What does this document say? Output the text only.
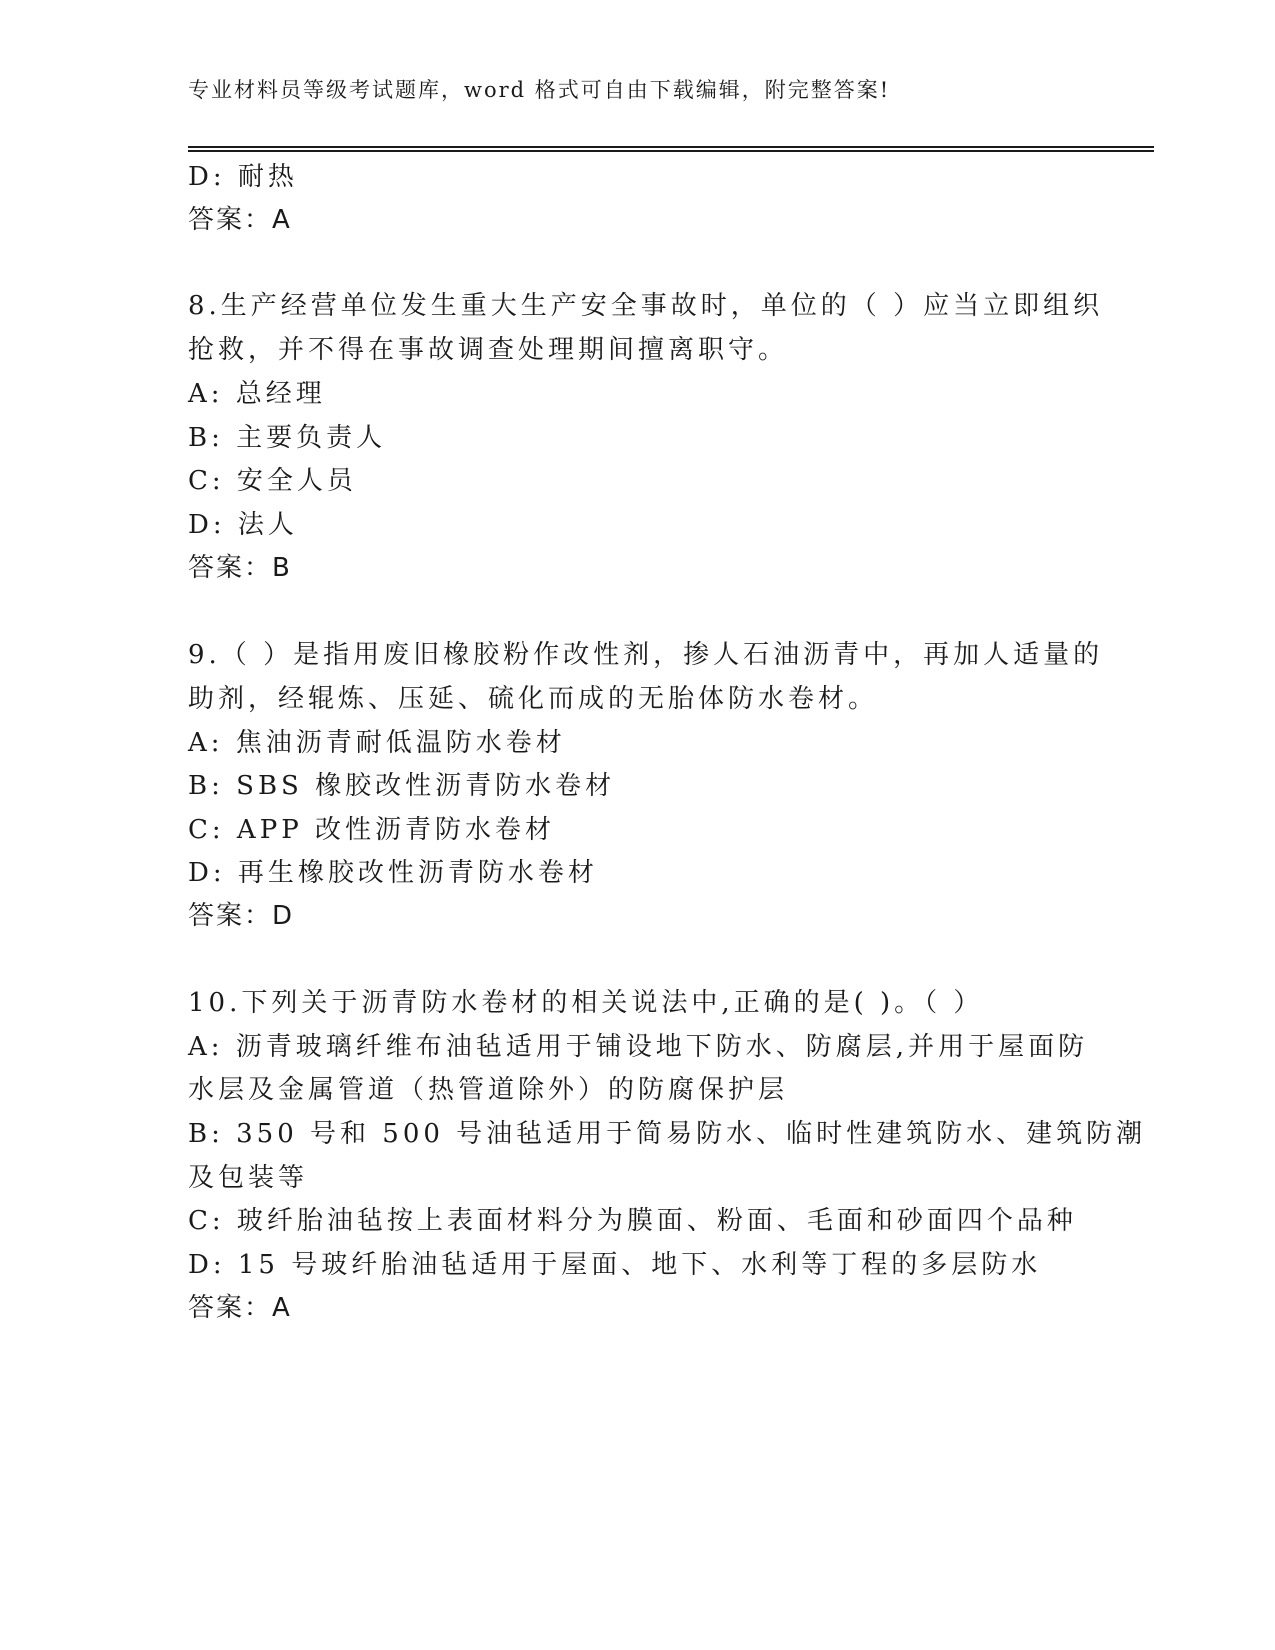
专业材料员等级考试题库，word 格式可自由下载编辑，附完整答案!
D: 耐热
答案：A
8.生产经营单位发生重大生产安全事故时，单位的（ ）应当立即组织
抢救，并不得在事故调查处理期间擅离职守。
A: 总经理
B: 主要负责人
C: 安全人员
D: 法人
答案：B
9.（ ）是指用废旧橡胶粉作改性剂，掺人石油沥青中，再加人适量的
助剂，经辊炼、压延、硫化而成的无胎体防水卷材。
A: 焦油沥青耐低温防水卷材
B: SBS 橡胶改性沥青防水卷材
C: APP 改性沥青防水卷材
D: 再生橡胶改性沥青防水卷材
答案：D
10.下列关于沥青防水卷材的相关说法中,正确的是( )。（ ）
A: 沥青玻璃纤维布油毡适用于铺设地下防水、防腐层,并用于屋面防
水层及金属管道（热管道除外）的防腐保护层
B: 350 号和 500 号油毡适用于简易防水、临时性建筑防水、建筑防潮
及包装等
C: 玻纤胎油毡按上表面材料分为膜面、粉面、毛面和砂面四个品种
D: 15 号玻纤胎油毡适用于屋面、地下、水利等丁程的多层防水
答案：A
